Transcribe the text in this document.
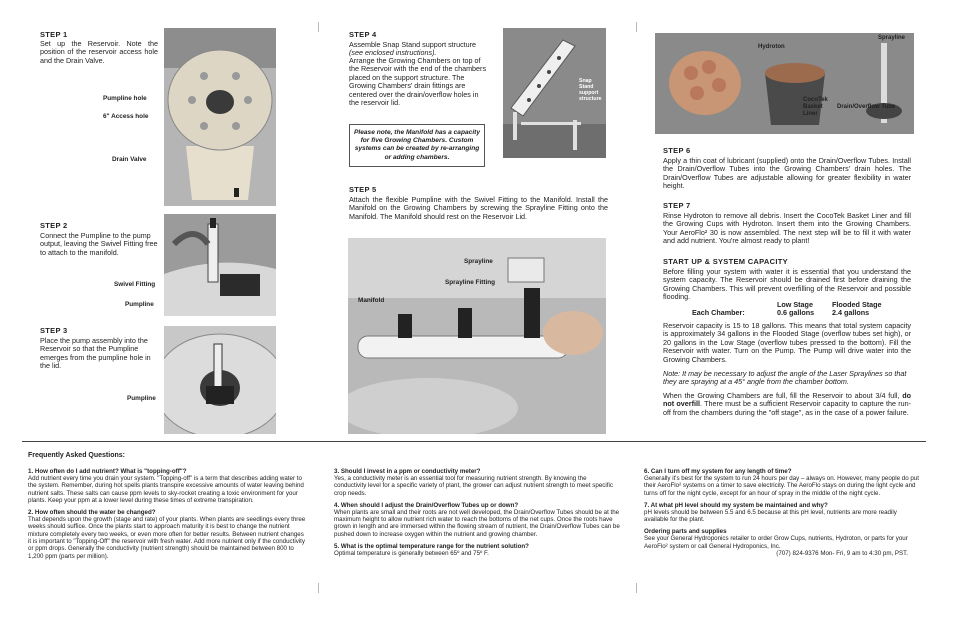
STEP 1
Set up the Reservoir. Note the position of the reservoir access hole and the Drain Valve.
Pumpline hole
6" Access hole
Drain Valve
STEP 2
Connect the Pumpline to the pump output, leaving the Swivel Fitting free to attach to the manifold.
Swivel Fitting
Pumpline
STEP 3
Place the pump assembly into the Reservoir so that the Pumpline emerges from the pumpline hole in the lid.
Pumpline
STEP 4
Assemble Snap Stand support structure
(see enclosed instructions).
Arrange the Growing Chambers on top of the Reservoir with the end of the chambers placed on the support structure. The Growing Chambers' drain fittings are centered over the drain/overflow holes in the reservoir lid.
Snap Stand support structure
Please note, the Manifold has a capacity for five Growing Chambers. Custom systems can be created by re-arranging or adding chambers.
STEP 5
Attach the flexible Pumpline with the Swivel Fitting to the Manifold. Install the Manifold on the Growing Chambers by screwing the Sprayline Fitting onto the Manifold. The Manifold should rest on the Reservoir Lid.
Sprayline
Sprayline Fitting
Manifold
Hydroton
Sprayline
CocoTek Basket Liner
Drain/Overflow Tube
STEP 6
Apply a thin coat of lubricant (supplied) onto the Drain/Overflow Tubes. Install the Drain/Overflow Tubes into the Growing Chambers' drain holes. The Drain/Overflow Tubes are adjustable allowing for greater flexibility in water height.
STEP 7
Rinse Hydroton to remove all debris. Insert the CocoTek Basket Liner and fill the Growing Cups with Hydroton. Insert them into the Growing Chambers. Your AeroFlo² 30 is now assembled. The next step will be to fill it with water and add nutrient. You're almost ready to plant!
START UP & SYSTEM CAPACITY
Before filling your system with water it is essential that you understand the system capacity. The Reservoir should be drained first before draining the Growing Chambers. This will prevent overfilling of the Reservoir and possible flooding.
Low Stage	Flooded Stage
Each Chamber:	0.6 gallons 2.4 gallons
Reservoir capacity is 15 to 18 gallons. This means that total system capacity is approximately 34 gallons in the Flooded Stage (overflow tubes set high), or 20 gallons in the Low Stage (overflow tubes pressed to the bottom). Fill the Reservoir with water. Turn on the Pump. The Pump will drive water into the Growing Chambers.
Note: It may be necessary to adjust the angle of the Laser Spraylines so that they are spraying at a 45° angle from the chamber bottom.
When the Growing Chambers are full, fill the Reservoir to about 3/4 full, do not overfill. There must be a sufficient Reservoir capacity to capture the run-off from the chambers during the "off stage", as in the case of a power failure.
Frequently Asked Questions:
1. How often do I add nutrient? What is "topping-off"?
Add nutrient every time you drain your system. "Topping-off" is a term that describes adding water to the system. Remember, during hot spells plants transpire excessive amounts of water leaving behind nutrient salts. These salts can cause ppm levels to sky-rocket creating a toxic environment for your plants. Keep your ppm at a lower level during these times of extreme transpiration.
2. How often should the water be changed?
That depends upon the growth (stage and rate) of your plants. When plants are seedlings every three weeks should suffice. Once the plants start to approach maturity it is best to change the nutrient mixture completely every two weeks, or even more often for better results. Between nutrient changes it is important to "Topping-Off" the reservoir with fresh water. Add more nutrient only if the conductivity or ppm drops. Generally the conductivity (nutrient strength) should be maintained between 800 to 1,200 ppm (parts per million).
3. Should I invest in a ppm or conductivity meter?
Yes, a conductivity meter is an essential tool for measuring nutrient strength. By knowing the conductivity level for a specific variety of plant, the grower can adjust nutrient strength to meet specific crop needs.
4. When should I adjust the Drain/Overflow Tubes up or down?
When plants are small and their roots are not well developed, the Drain/Overflow Tubes should be at the maximum height to allow nutrient rich water to reach the bottoms of the net cups. Once the roots have grown in length and are immersed within the flowing stream of nutrient, the Drain/Overflow Tubes can be pushed down to increase oxygen within the nutrient and growing chamber.
5. What is the optimal temperature range for the nutrient solution?
Optimal temperature is generally between 65º and 75º F.
6. Can I turn off my system for any length of time?
Generally it's best for the system to run 24 hours per day – always on. However, many people do put their AeroFlo² systems on a timer to save electricity. The AeroFlo stays on during the light cycle and turns off for the night cycle, except for an hour of spray in the middle of the night cycle.
7. At what pH level should my system be maintained and why?
pH levels should be between 5.5 and 6.5 because at this pH level, nutrients are more readily available for the plant.
Ordering parts and supplies
See your General Hydroponics retailer to order Grow Cups, nutrients, Hydroton, or parts for your AeroFlo² system or call General Hydroponics, Inc.
(707) 824-9376 Mon- Fri, 9 am to 4:30 pm, PST.
